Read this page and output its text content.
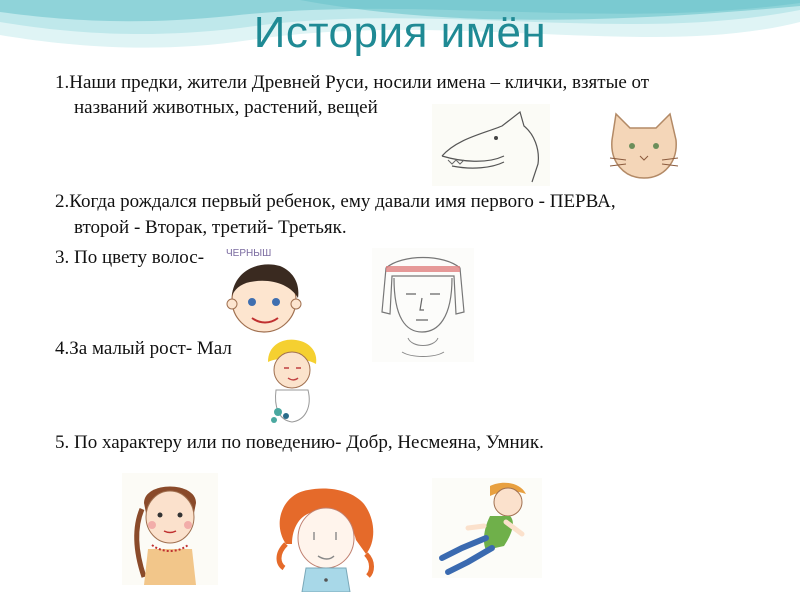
История имён
1.Наши предки, жители Древней Руси, носили имена – клички, взятые от
названий животных, растений, вещей
2.Когда рождался первый ребенок, ему давали имя первого - ПЕРВА,
второй - Вторак, третий- Третьяк.
3. По цвету волос-
4.За малый рост- Мал
5. По характеру или по поведению- Добр, Несмеяна, Умник.
ЧЕРНЫШ
